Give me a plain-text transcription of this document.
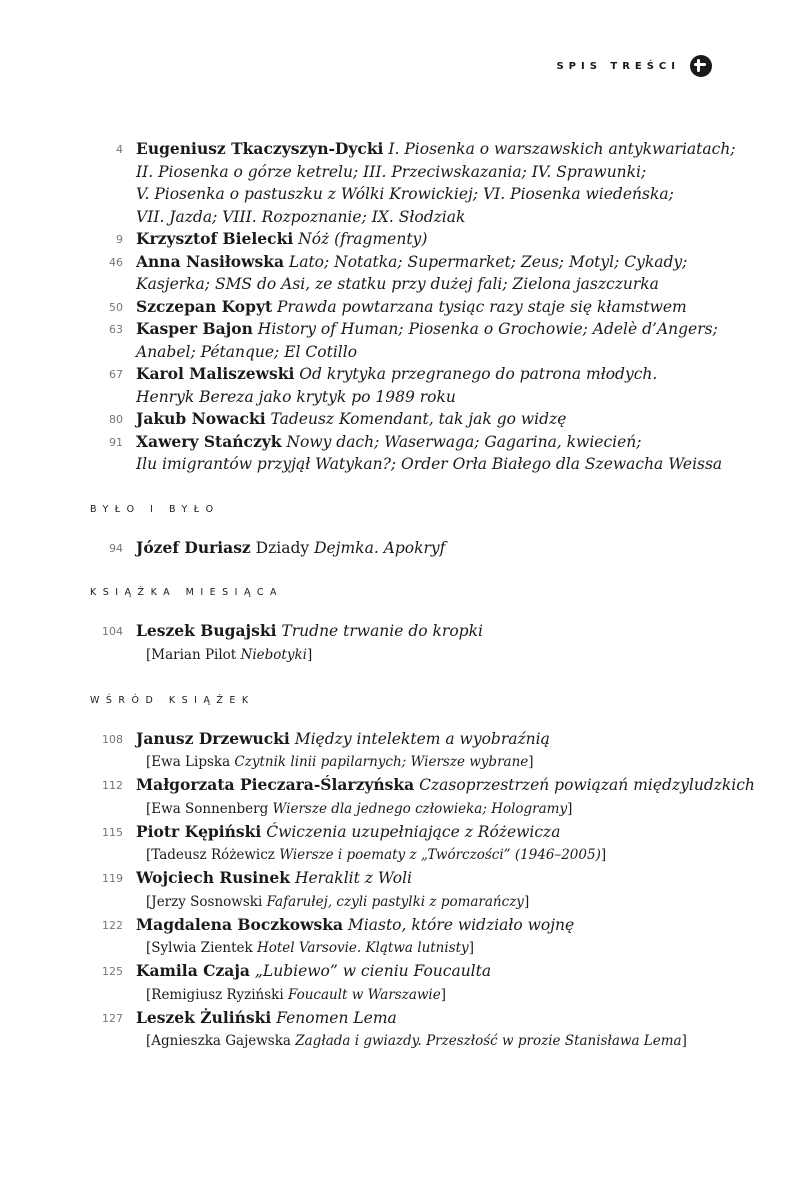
SPIS TREŚCI
4 Eugeniusz Tkaczyszyn-Dycki I. Piosenka o warszawskich antykwariatach;
II. Piosenka o górze ketrelu; III. Przeciwskazania; IV. Sprawunki;
V. Piosenka o pastuszku z Wólki Krowickiej; VI. Piosenka wiedeńska;
VII. Jazda; VIII. Rozpoznanie; IX. Słodziak
9 Krzysztof Bielecki Nóż (fragmenty)
46 Anna Nasiłowska Lato; Notatka; Supermarket; Zeus; Motyl; Cykady;
Kasjerka; SMS do Asi, ze statku przy dużej fali; Zielona jaszczurka
50 Szczepan Kopyt Prawda powtarzana tysiąc razy staje się kłamstwem
63 Kasper Bajon History of Human; Piosenka o Grochowie; Adelè d’Angers;
Anabel; Pétanque; El Cotillo
67 Karol Maliszewski Od krytyka przegranego do patrona młodych.
Henryk Bereza jako krytyk po 1989 roku
80 Jakub Nowacki Tadeusz Komendant, tak jak go widzę
91 Xawery Stańczyk Nowy dach; Waserwaga; Gagarina, kwiecień;
Ilu imigrantów przyjął Watykan?; Order Orła Białego dla Szewacha Weissa
BYŁO I BYŁO
94 Józef Duriasz Dziady Dejmka. Apokryf
KSIĄŻKA MIESIĄCA
104 Leszek Bugajski Trudne trwanie do kropki
[Marian Pilot Niebotyki]
WŚRÓD KSIĄŻEK
108 Janusz Drzewucki Między intelektem a wyobraźnią
[Ewa Lipska Czytnik linii papilarnych; Wiersze wybrane]
112 Małgorzata Pieczara-Ślarzyńska Czasoprzestrzeń powiązań międzyludzkich
[Ewa Sonnenberg Wiersze dla jednego człowieka; Hologramy]
115 Piotr Kępiński Ćwiczenia uzupełniające z Różewicza
[Tadeusz Różewicz Wiersze i poematy z „Twórczości” (1946–2005)]
119 Wojciech Rusinek Heraklit z Woli
[Jerzy Sosnowski Fafarułej, czyli pastylki z pomarańczy]
122 Magdalena Boczkowska Miasto, które widziało wojnę
[Sylwia Zientek Hotel Varsovie. Klątwa lutnisty]
125 Kamila Czaja „Lubiewo” w cieniu Foucaulta
[Remigiusz Ryziński Foucault w Warszawie]
127 Leszek Żuliński Fenomen Lema
[Agnieszka Gajewska Zagłada i gwiazdy. Przeszłość w prozie Stanisława Lema]
